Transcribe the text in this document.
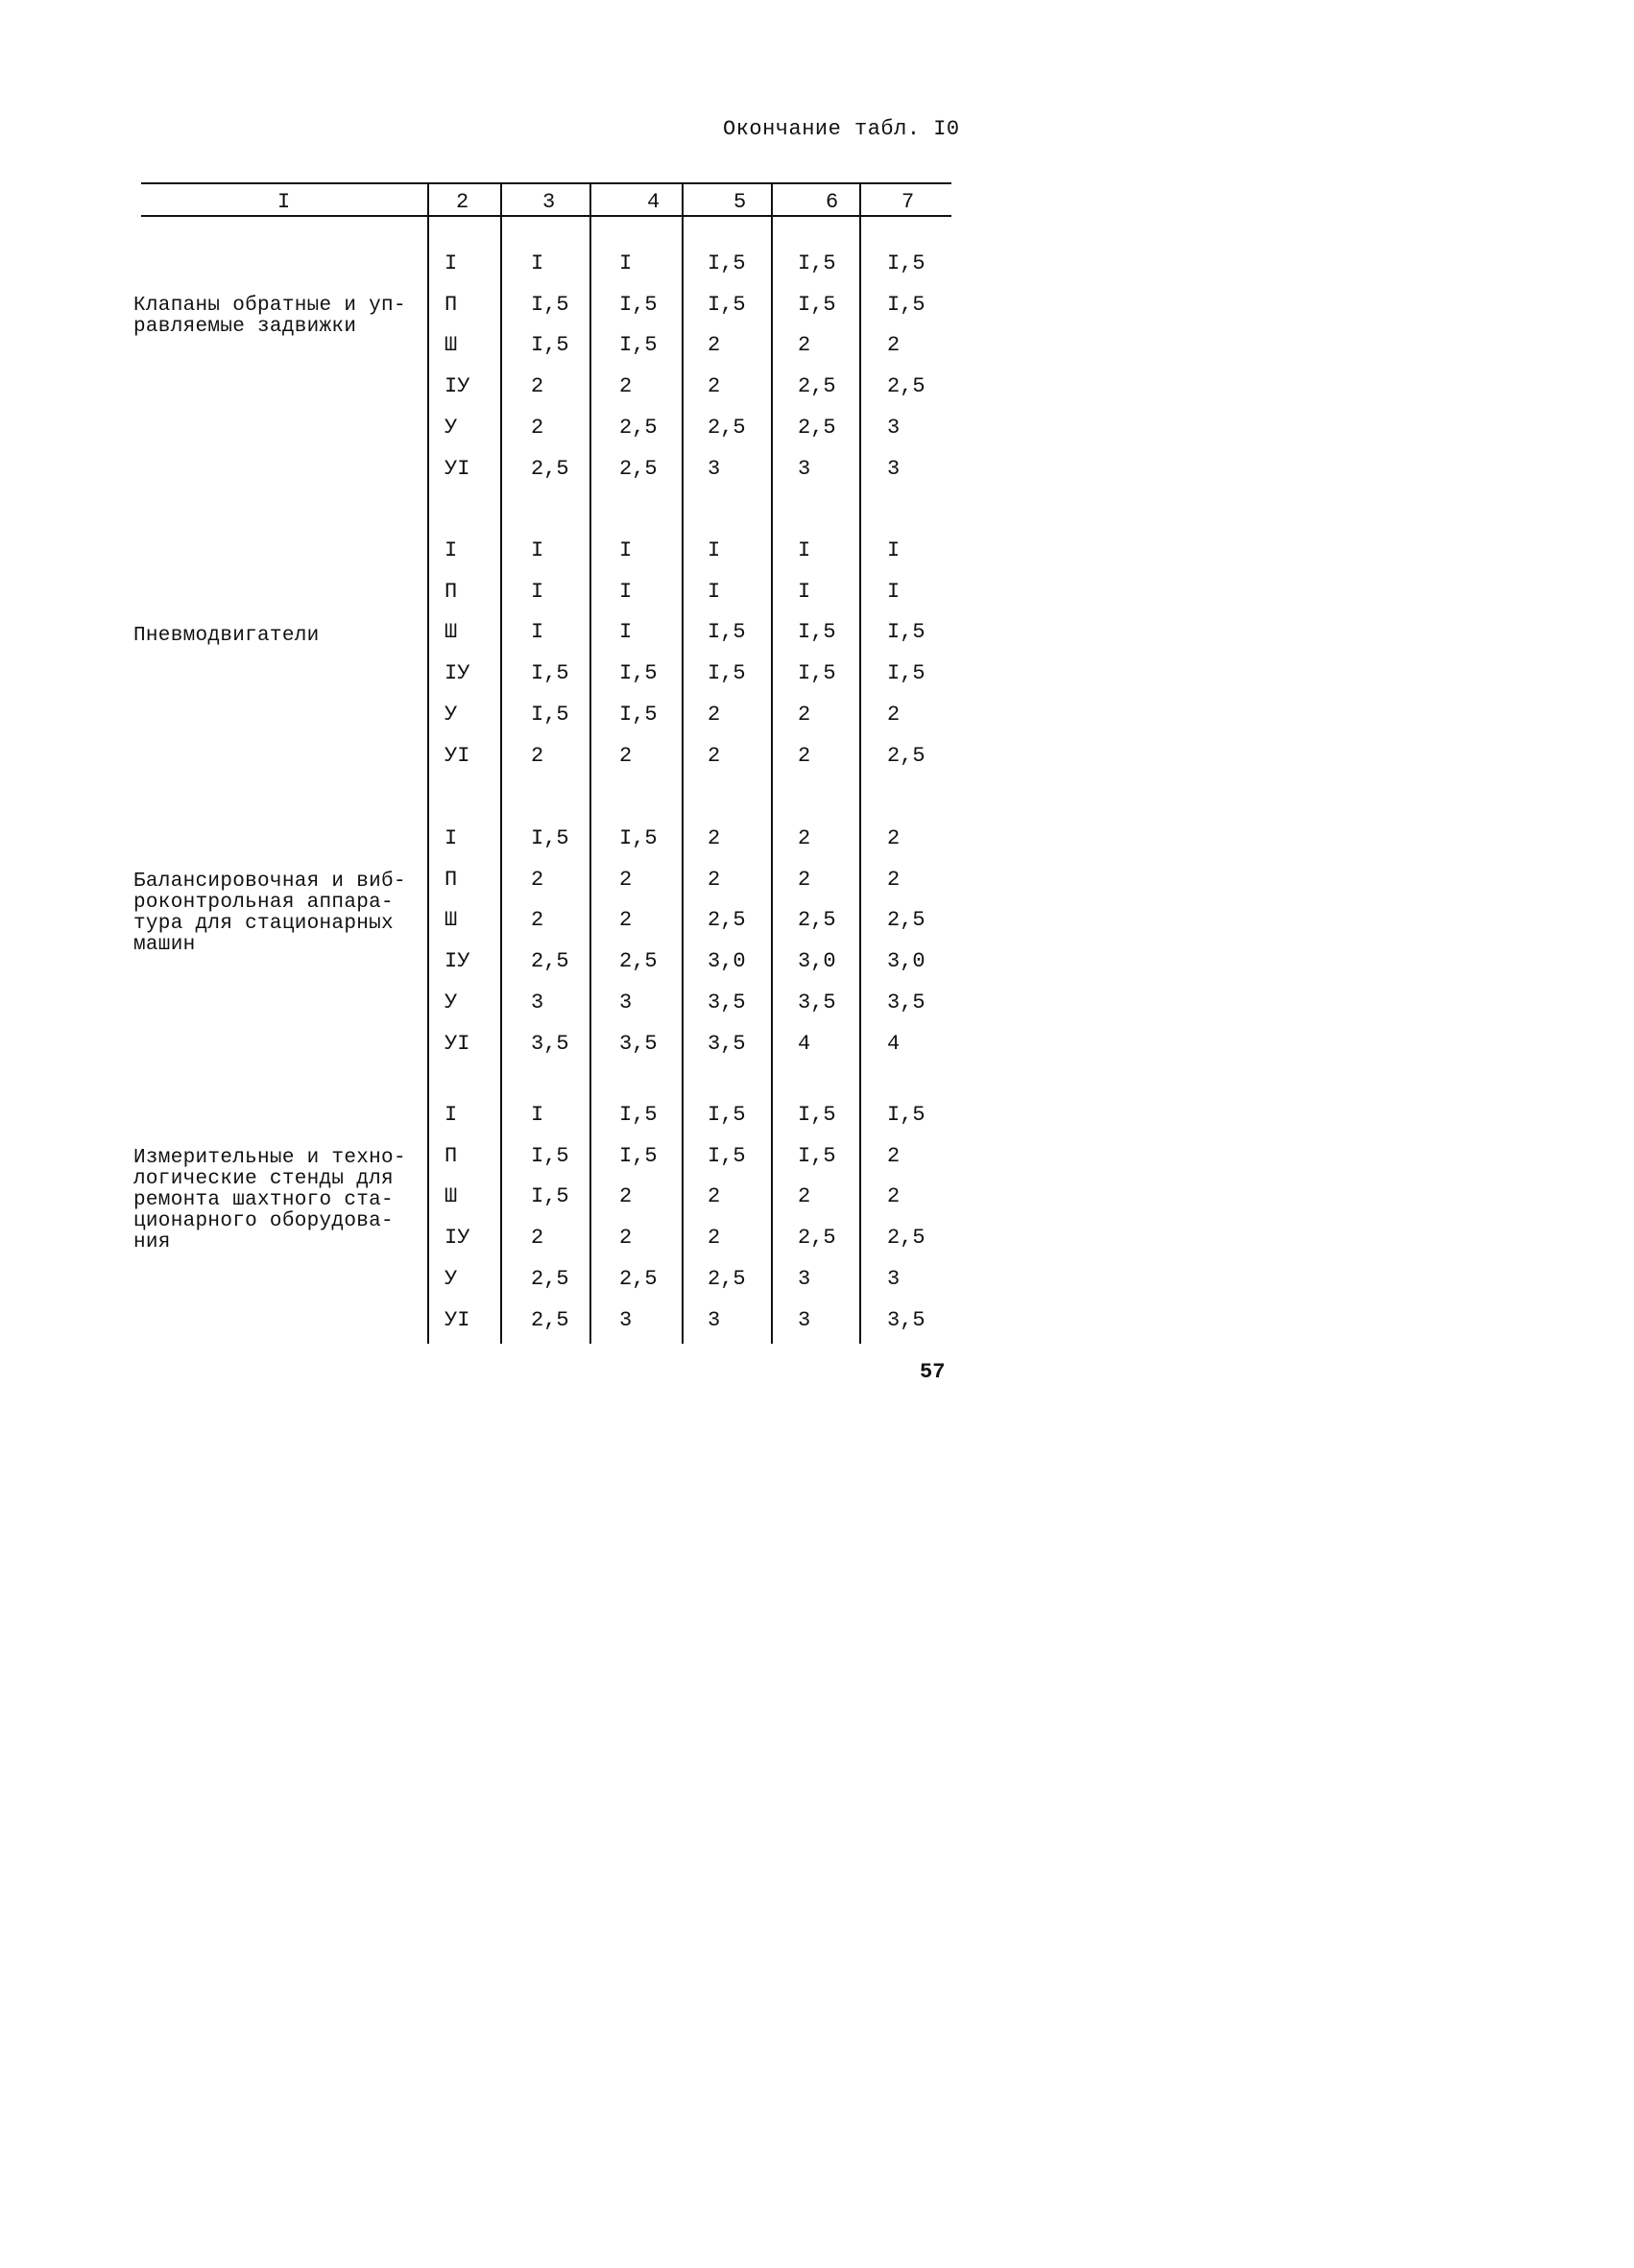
Окончание табл. I0
I	2	3	4	5	6	7
Клапаны обратные и уп-
равляемые задвижки
I	I	I	I,5 I,5 I,5
П	I,5 I,5 I,5 I,5 I,5
Ш	I,5 I,5 2	2	2
IУ	2	2	2	2,5 2,5
У	2	2,5 2,5 2,5 3
УI	2,5 2,5 3	3	3
Пневмодвигатели
I	I	I	I	I	I
П	I	I	I	I	I
Ш	I	I	I,5 I,5 I,5
IУ	I,5 I,5 I,5 I,5 I,5
У	I,5 I,5 2	2	2
УI	2	2	2	2	2,5
Балансировочная и виб-
роконтрольная аппара-
тура для стационарных
машин
I	I,5 I,5 2	2	2
П	2	2	2	2	2
Ш	2	2	2,5 2,5 2,5
IУ	2,5 2,5 3,0 3,0 3,0
У	3	3	3,5 3,5 3,5
УI	3,5 3,5 3,5 4	4
Измерительные и техно-
логические стенды для
ремонта шахтного ста-
ционарного оборудова-
ния
I	I	I,5 I,5 I,5 I,5
П	I,5 I,5 I,5 I,5 2
Ш	I,5 2	2	2	2
IУ	2	2	2	2,5 2,5
У	2,5 2,5 2,5 3	3
УI	2,5 3	3	3	3,5
57
